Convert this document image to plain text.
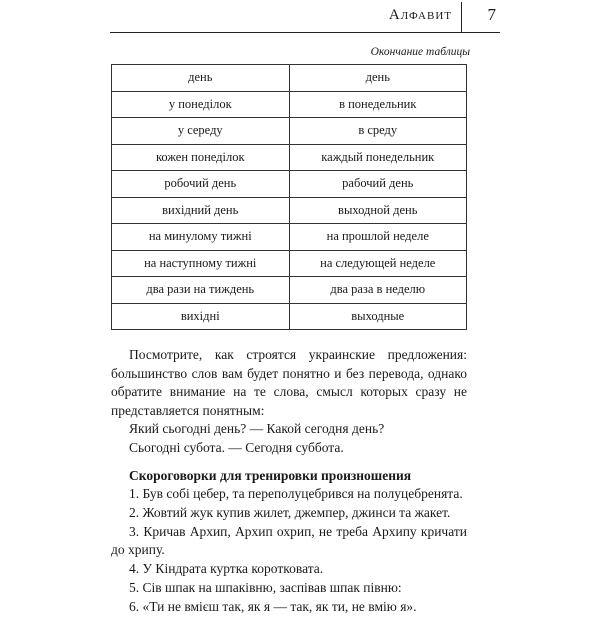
Алфавит 7
Окончание таблицы
день	день
у понеділок	в понедельник
у середу	в среду
кожен понеділок	каждый понедельник
робочий день	рабочий день
вихідний день	выходной день
на минулому тижні	на прошлой неделе
на наступному тижні	на следующей неделе
два рази на тиждень	два раза в неделю
вихідні	выходные

Посмотрите, как строятся украинские предложения: большинство слов вам будет понятно и без перевода, однако обратите внимание на те слова, смысл которых сразу не представляется понятным:

Який сьогодні день? — Какой сегодня день?
Сьогодні субота. — Сегодня суббота.
Скороговорки для тренировки произношения
1. Був собі цебер, та переполуцебрився на полуцебренята.
2. Жовтий жук купив жилет, джемпер, джинси та жакет.
3. Кричав Архип, Архип охрип, не треба Архипу кричати до хрипу.
4. У Кіндрата куртка коротковата.
5. Сів шпак на шпаківню, заспівав шпак півню:
6. «Ти не вмієш так, як я — так, як ти, не вмію я».
